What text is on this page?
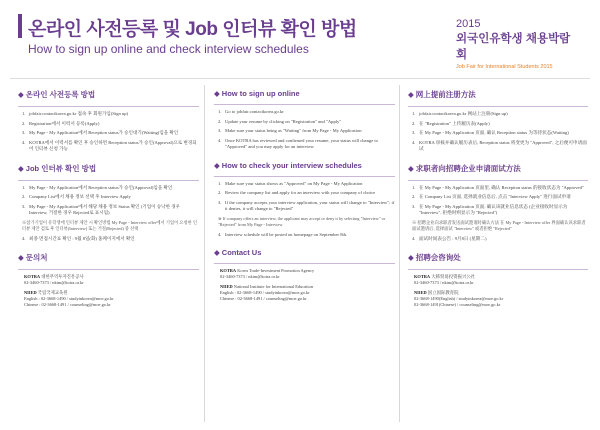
온라인 사전등록 및 Job 인터뷰 확인 방법
How to sign up online and check interview schedules
2015
외국인유학생 채용박람회
Job Fair for International Students 2015
◆ 온라인 사전등록 방법
1. jobfair.contactkorea.go.kr 접속 후 회원가입(Sign up)
2. Registration에서 이력서 등록(Apply)
3. My Page - My Application에서 Reception status가 승인대기(Waiting)임을 확인
4. KOTRA에서 이력서를 확인 후 승인하면 Reception status가 승인(Approval)으로 변경되어 인터뷰 신청 가능
◆ Job 인터뷰 확인 방법
1. My Page - My Application에서 Reception status가 승인(Approval)임을 확인
2. Company List에서 채용 정보 선택 후 Interview Apply
3. My Page - My Application에서 해당 채용 정보 Status 확인 (기업이 승낙한 경우 Interview, 거절한 경우 Rejected로 표시됨)
※참가기업이 유학생에 인터뷰 제안 시 확인방법 My Page - Interview offer에서 기업이 요청한 인터뷰 제안 검토 후 인터뷰(Interview) 또는 거절(Rejected) 중 선택
4. 최종 면접시간표 확인 : 9월 8일(화) 홈페이지에서 확인
◆ 문의처
KOTRA 대한무역투자진흥공사
02-3460-7373 / nkim@kotra.or.kr
NIIED 국립국제교육원
English : 02-3668-1490 / studyinkorea@moe.go.kr
Chinese : 02-3668-1491 / counseling@moe.go.kr
◆ How to sign up online
1. Go to jobfair.contactkorea.go.kr
2. Update your resume by clicking on "Registration" and "Apply"
3. Make sure your status being as "Waiting" from My Page - My Application
4. Once KOTRA has reviewed and confirmed your resume, your status will change to "Approved" and you may apply for an interview
◆ How to check your interview schedules
1. Make sure your status shows as "Approved" on My Page - My Application
2. Review the company list and apply for an interview with your company of choice
3. If the company accepts your interview application, your status will change to "Interview"; if it denies, it will change to "Rejected"
※ If company offers an interview, the applicant may accept or deny it by selecting "Interview" or "Rejected" from My Page - Interview
4. Interview schedule will be posted on homepage on September 8th.
◆ Contact Us
KOTRA Korea Trade-Investment Promotion Agency
02-3460-7373 / nkim@kotra.or.kr
NIIED National Institute for International Education
English : 02-3668-1490 / studyinkorea@moe.go.kr
Chinese : 02-3668-1491 / counseling@moe.go.kr
◆ 网上提前注册方法
1. jobfair.contactkorea.go.kr 网站上注册(Sign up)
2. 在 "Registration" 上传履历表(Apply)
3. 在 My Page - My Application 页面, 确认 Reception status 为等待状态(Waiting)
4. KOTRA 审核并确认履历表后, Reception status 将变更为 "Approved", 之后便可申请面试
◆ 求职者向招聘企业申请面试方法
1. 在 My Page - My Application 页面里, 确认 Reception status 的接收状态为 "Approved"
2. 在 Company List 页面, 选择就业信息后, 点击 "Interview Apply" 进行面试申请
3. 在 My Page - My Application 页面, 确认该就业信息状态 (企业接收时显示为 "Interview", 拒绝时则显示为 "Rejected")
※ 招聘企业向求职者发送面试邀请时确认方法 在 My Page - Interview offer 界面确认该求职者面试邀请后, 选择面试 "Interview" 或者拒绝 "Rejected"
4. 面试时间表公告 : 9月8日 (星期二)
◆ 招聘会咨询处
KOTRA 大韩贸易投资振兴公社
02-3460-7373 / nkim@kotra.or.kr
NIIED 国立国际教育院
02-3668-1490(English) / studyinkorea@moe.go.kr
02-3668-1491(Chinese) / counseling@moe.go.kr
